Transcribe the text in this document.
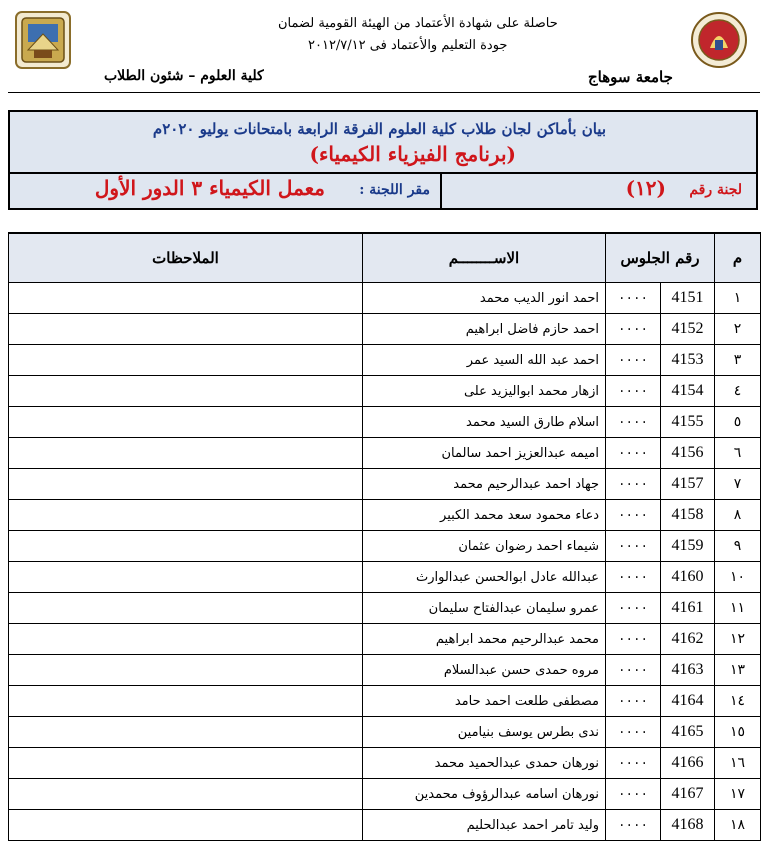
حاصلة على شهادة الأعتماد من الهيئة القومية لضمان
جودة التعليم والأعتماد فى ٢٠١٢/٧/١٢
كلية العلوم – شئون الطلاب	جامعة سوهاج
بيان بأماكن لجان طلاب كلية العلوم الفرقة الرابعة بامتحانات يوليو ٢٠٢٠م
(برنامج الفيزياء الكيمياء)
مقر اللجنة :
معمل الكيمياء ٣ الدور الأول	لجنة رقم
(١٢)
م	رقم الجلوس		الاســــــــم	الملاحظات
١	4151	٠٠٠٠	احمد انور الديب محمد	
٢	4152	٠٠٠٠	احمد حازم فاضل ابراهيم	
٣	4153	٠٠٠٠	احمد عبد الله السيد عمر	
٤	4154	٠٠٠٠	ازهار محمد ابواليزيد على	
٥	4155	٠٠٠٠	اسلام طارق السيد محمد	
٦	4156	٠٠٠٠	اميمه عبدالعزيز احمد سالمان	
٧	4157	٠٠٠٠	جهاد احمد عبدالرحيم محمد	
٨	4158	٠٠٠٠	دعاء محمود سعد محمد الكبير	
٩	4159	٠٠٠٠	شيماء احمد رضوان عثمان	
١٠	4160	٠٠٠٠	عبدالله عادل ابوالحسن عبدالوارث	
١١	4161	٠٠٠٠	عمرو سليمان عبدالفتاح سليمان	
١٢	4162	٠٠٠٠	محمد عبدالرحيم محمد ابراهيم	
١٣	4163	٠٠٠٠	مروه حمدى حسن عبدالسلام	
١٤	4164	٠٠٠٠	مصطفى طلعت احمد حامد	
١٥	4165	٠٠٠٠	ندى بطرس يوسف بنيامين	
١٦	4166	٠٠٠٠	نورهان حمدى عبدالحميد محمد	
١٧	4167	٠٠٠٠	نورهان اسامه عبدالرؤوف محمدين	
١٨	4168	٠٠٠٠	وليد تامر احمد عبدالحليم	
